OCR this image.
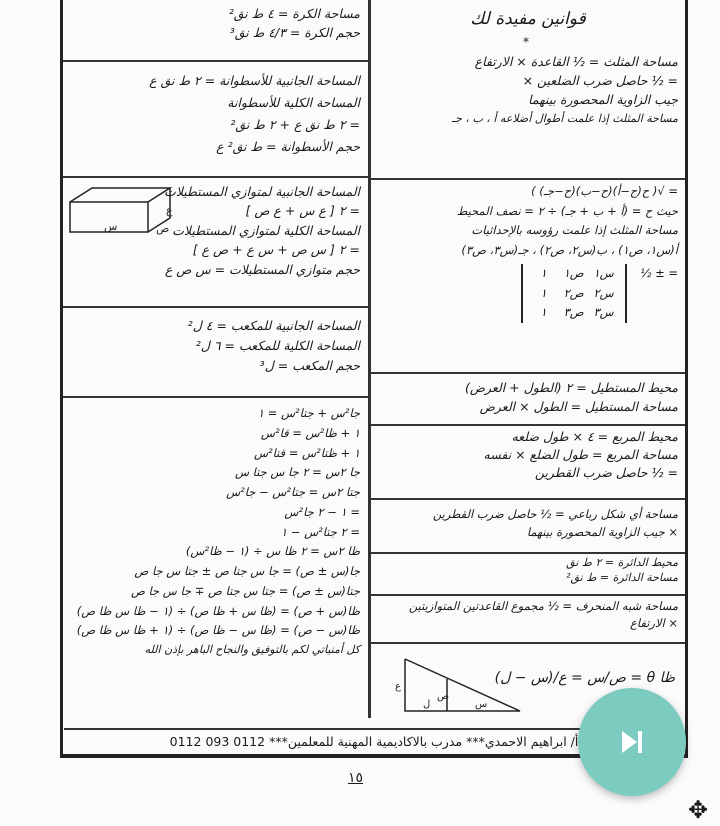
مساحة الكرة = ٤ ط نق²
حجم الكرة = ٤/٣ ط نق³
المساحة الجانبية للأسطوانة = ٢ ط نق ع
المساحة الكلية للأسطوانة
= ٢ ط نق ع + ٢ ط نق²
حجم الأسطوانة = ط نق² ع
ع
ص
س
المساحة الجانبية لمتوازي المستطيلات
= ٢ [ ع س + ع ص ]
المساحة الكلية لمتوازي المستطيلات
= ٢ [ س ص + س ع + ص ع ]
حجم متوازي المستطيلات = س ص ع
المساحة الجانبية للمكعب = ٤ ل²
المساحة الكلية للمكعب = ٦ ل²
حجم المكعب = ل³
جا²س + جتا²س = ١
١ + ظا²س = قا²س
١ + ظتا²س = قتا²س
جا ٢س = ٢ جا س جتا س
جتا ٢س = جتا²س − جا²س
= ١ − ٢ جا²س
= ٢ جتا²س − ١
ظا ٢س = ٢ ظا س ÷ (١ − ظا²س)
جا(س ± ص) = جا س جتا ص ± جتا س جا ص
جتا(س ± ص) = جتا س جتا ص ∓ جا س جا ص
ظا(س + ص) = (ظا س + ظا ص) ÷ (١ − ظا س ظا ص)
ظا(س − ص) = (ظا س − ظا ص) ÷ (١ + ظا س ظا ص)
كل أمنياتي لكم بالتوفيق والنجاح الباهر بإذن الله
قوانين مفيدة لك
*
مساحة المثلث = ½ القاعدة × الارتفاع
= ½ حاصل ضرب الضلعين ×
جيب الزاوية المحصورة بينهما
مساحة المثلث إذا علمت أطوال أضلاعه أ ، ب ، جـ
= √( ح(ح−أ)(ح−ب)(ح−جـ) )
حيث ح = (أ + ب + جـ) ÷ ٢ = نصف المحيط
مساحة المثلث إذا علمت رؤوسه بالإحداثيات
أ(س١، ص١) ، ب(س٢، ص٢) ، جـ(س٣، ص٣)
= ± ½
س١
ص١
١
س٢
ص٢
١
س٣
ص٣
١
محيط المستطيل = ٢ (الطول + العرض)
مساحة المستطيل = الطول × العرض
محيط المربع = ٤ × طول ضلعه
مساحة المربع = طول الضلع × نفسه
= ½ حاصل ضرب القطرين
مساحة أي شكل رباعي = ½ حاصل ضرب القطرين
× جيب الزاوية المحصورة بينهما
محيط الدائرة = ٢ ط نق
مساحة الدائرة = ط نق²
مساحة شبه المنحرف = ½ مجموع القاعدتين المتوازيتين
× الارتفاع
ظا θ = ص/س = ع/(س − ل)
ع
ص
س
ل
أ/ ابراهيم الاحمدي*** مدرب بالاكاديمية المهنية للمعلمين*** 0112 093 0112
١٥
✥
